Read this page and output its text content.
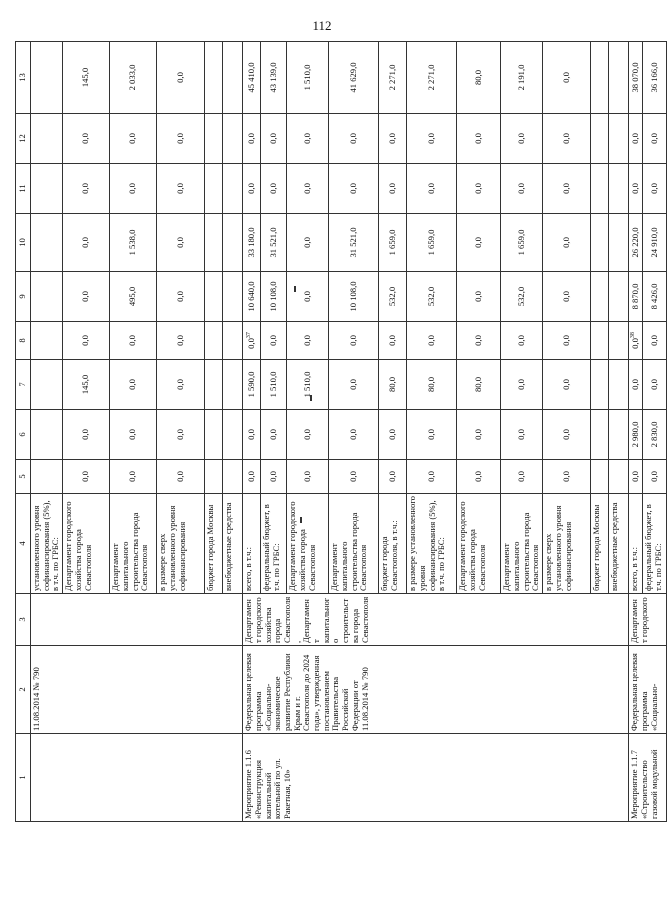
112
1	2	3	4	5	6	7	8	9	10	11	12	13
	11.08.2014 № 790		установленного уровня софинансирования (5%), в т.ч. по ГРБС:									
			Департамент городского хозяйства города Севастополя	0,0	0,0	145,0	0,0	0,0	0,0	0,0	0,0	145,0
			Департамент капитального строительства города Севастополя	0,0	0,0	0,0	0,0	495,0	1 538,0	0,0	0,0	2 033,0
			в размере сверх установленного уровня софинансирования	0,0	0,0	0,0	0,0	0,0	0,0	0,0	0,0	0,0
			бюджет города Москвы									
			внебюджетные средства									
Мероприятие 1.1.6 «Реконструкция капитальной котельной по ул. Ракетная, 10»	Федеральная целевая программа «Социально-экономическое развитие Республики Крым и г. Севастополя до 2024 года», утвержденная постановлением Правительства Российской Федерации от 11.08.2014 № 790	Департамент городского хозяйства города Севастополя, Департамент капитального строительства города Севастополя	всего, в т.ч.:	0,0	0,0	1 590,0	$0,0^{37}$	10 640,0	33 180,0	0,0	0,0	45 410,0
			федеральный бюджет, в т.ч. по ГРБС:	0,0	0,0	1 510,0	0,0	10 108,0	31 521,0	0,0	0,0	43 139,0
			Департамент городского хозяйства города Севастополя	0,0	0,0	1 510,0	0,0	0,0	0,0	0,0	0,0	1 510,0
			Департамент капитального строительства города Севастополя	0,0	0,0	0,0	0,0	10 108,0	31 521,0	0,0	0,0	41 629,0
			бюджет города Севастополя, в т.ч.:	0,0	0,0	80,0	0,0	532,0	1 659,0	0,0	0,0	2 271,0
			в размере установленного уровня софинансирования (5%), в т.ч. по ГРБС:	0,0	0,0	80,0	0,0	532,0	1 659,0	0,0	0,0	2 271,0
			Департамент городского хозяйства города Севастополя	0,0	0,0	80,0	0,0	0,0	0,0	0,0	0,0	80,0
			Департамент капитального строительства города Севастополя	0,0	0,0	0,0	0,0	532,0	1 659,0	0,0	0,0	2 191,0
			в размере сверх установленного уровня софинансирования	0,0	0,0	0,0	0,0	0,0	0,0	0,0	0,0	0,0
			бюджет города Москвы									
			внебюджетные средства									
Мероприятие 1.1.7 «Строительство газовой модульной	Федеральная целевая программа «Социально-	Департамент городского	всего, в т.ч.:	0,0	2 980,0	0,0	$0,0^{38}$	8 870,0	26 220,0	0,0	0,0	38 070,0
			федеральный бюджет, в т.ч. по ГРБС:	0,0	2 830,0	0,0	0,0	8 426,0	24 910,0	0,0	0,0	36 166,0
